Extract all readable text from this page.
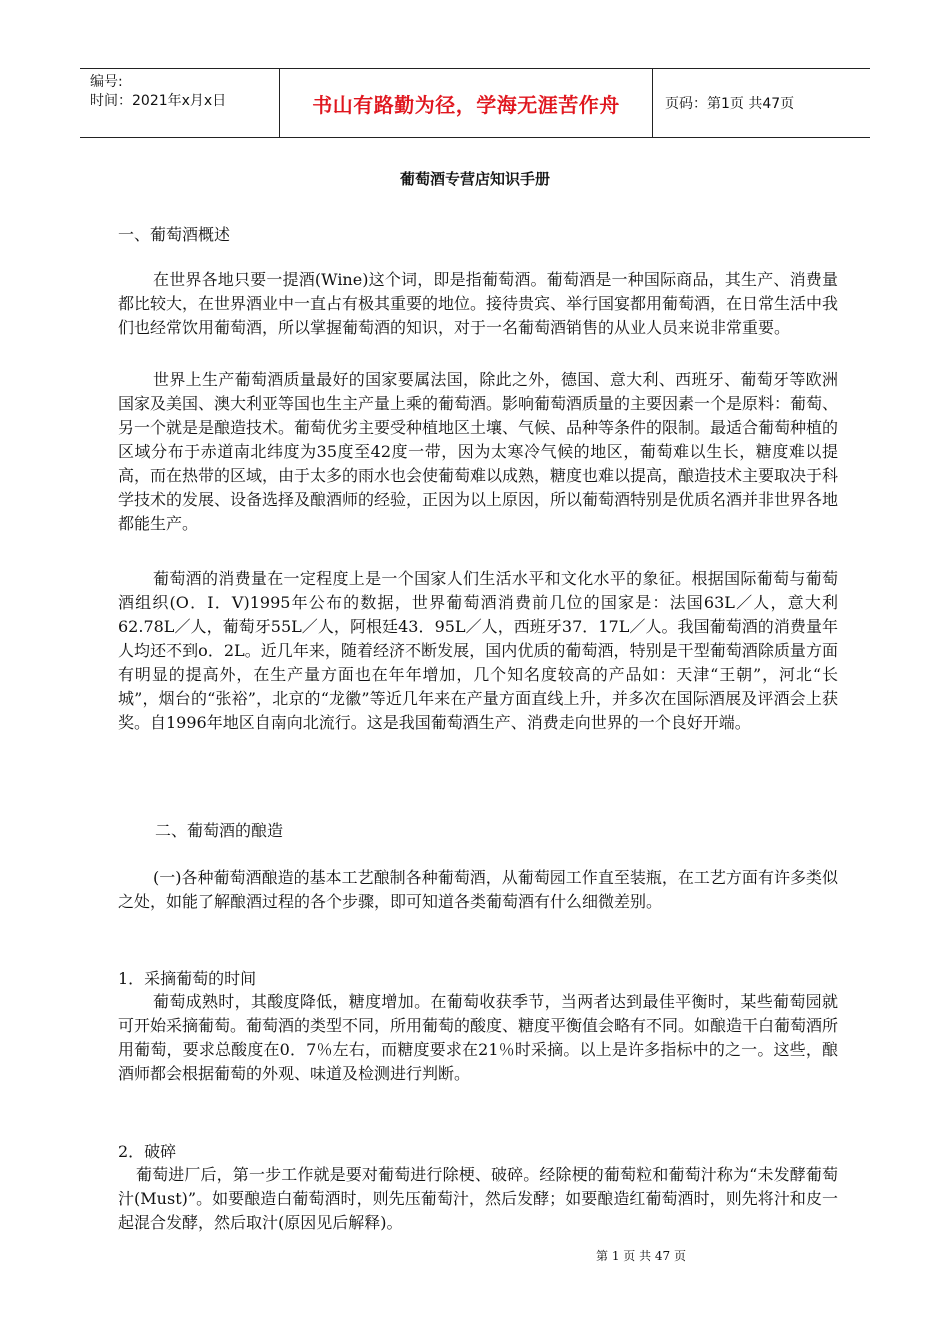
编号:
时间：2021年x月x日	书山有路勤为径，学海无涯苦作舟	页码：第1页 共47页
葡萄酒专营店知识手册
一、葡萄酒概述

在世界各地只要一提酒(Wine)这个词，即是指葡萄酒。葡萄酒是一种国际商品，其生产、消费量都比较大，在世界酒业中一直占有极其重要的地位。接待贵宾、举行国宴都用葡萄酒，在日常生活中我们也经常饮用葡萄酒，所以掌握葡萄酒的知识，对于一名葡萄酒销售的从业人员来说非常重要。

世界上生产葡萄酒质量最好的国家要属法国，除此之外，德国、意大利、西班牙、葡萄牙等欧洲国家及美国、澳大利亚等国也生主产量上乘的葡萄酒。影响葡萄酒质量的主要因素一个是原料：葡萄、另一个就是是酿造技术。葡萄优劣主要受种植地区土壤、气候、品种等条件的限制。最适合葡萄种植的区域分布于赤道南北纬度为35度至42度一带，因为太寒冷气候的地区，葡萄难以生长，糖度难以提高，而在热带的区域，由于太多的雨水也会使葡萄难以成熟，糖度也难以提高，酿造技术主要取决于科学技术的发展、设备选择及酿酒师的经验，正因为以上原因，所以葡萄酒特别是优质名酒并非世界各地都能生产。

葡萄酒的消费量在一定程度上是一个国家人们生活水平和文化水平的象征。根据国际葡萄与葡萄酒组织(O．I．V)1995年公布的数据，世界葡萄酒消费前几位的国家是：法国63L／人，意大利62.78L／人，葡萄牙55L／人，阿根廷43．95L／人，西班牙37．17L／人。我国葡萄酒的消费量年人均还不到o．2L。近几年来，随着经济不断发展，国内优质的葡萄酒，特别是干型葡萄酒除质量方面有明显的提高外，在生产量方面也在年年增加，几个知名度较高的产品如：天津“王朝”，河北“长城”，烟台的“张裕”，北京的“龙徽”等近几年来在产量方面直线上升，并多次在国际酒展及评酒会上获奖。自1996年地区自南向北流行。这是我国葡萄酒生产、消费走向世界的一个良好开端。

二、葡萄酒的酿造

(一)各种葡萄酒酿造的基本工艺酿制各种葡萄酒，从葡萄园工作直至装瓶，在工艺方面有许多类似之处，如能了解酿酒过程的各个步骤，即可知道各类葡萄酒有什么细微差别。

1．采摘葡萄的时间

葡萄成熟时，其酸度降低，糖度增加。在葡萄收获季节，当两者达到最佳平衡时，某些葡萄园就可开始采摘葡萄。葡萄酒的类型不同，所用葡萄的酸度、糖度平衡值会略有不同。如酿造干白葡萄酒所用葡萄，要求总酸度在0．7％左右，而糖度要求在21％时采摘。以上是许多指标中的之一。这些，酿酒师都会根据葡萄的外观、味道及检测进行判断。

2．破碎

葡萄进厂后，第一步工作就是要对葡萄进行除梗、破碎。经除梗的葡萄粒和葡萄汁称为“未发酵葡萄汁(Must)”。如要酿造白葡萄酒时，则先压葡萄汁，然后发酵；如要酿造红葡萄酒时，则先将汁和皮一起混合发酵，然后取汁(原因见后解释)。

第 1 页 共 47 页
